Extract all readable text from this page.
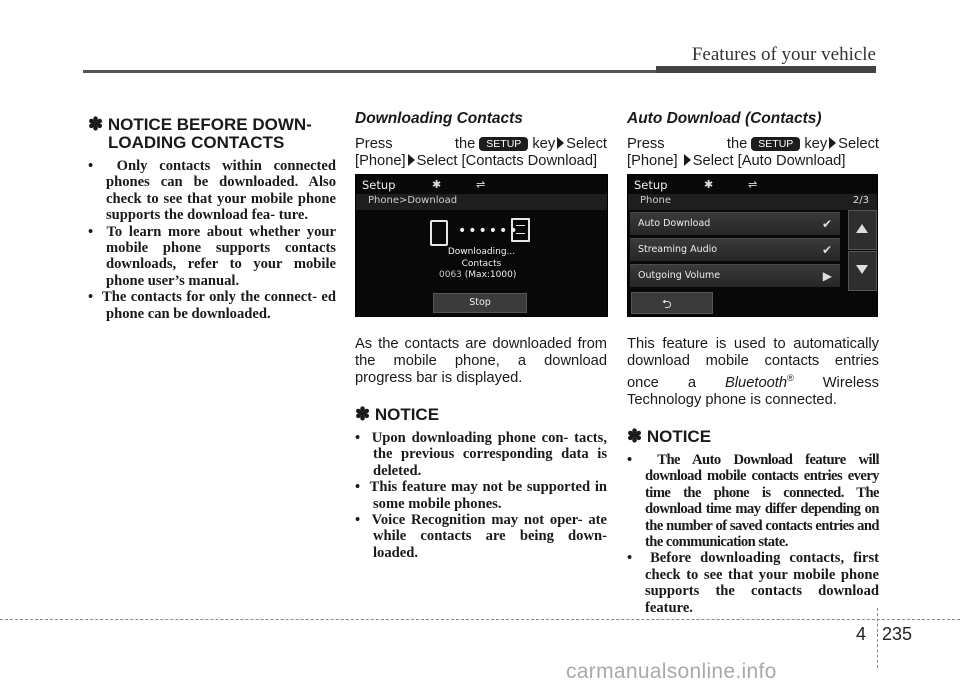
Features of your vehicle
4 235
carmanualsonline.info
✽ NOTICE BEFORE DOWN-
LOADING CONTACTS
•  Only contacts within connected phones can be downloaded. Also check to see that your mobile phone supports the download fea- ture.
•  To learn more about whether your mobile phone supports contacts downloads, refer to your mobile phone user’s manual.
•  The contacts for only the connect- ed phone can be downloaded.
Downloading Contacts

Press the SETUP key Select

[Phone] Select [Contacts Download]

Setup	✱	⇌
Phone>Download
••••••
Downloading...
Contacts
0063 (Max:1000)
Stop

As the contacts are downloaded from the mobile phone, a download progress bar is displayed.

✽ NOTICE
•  Upon downloading phone con- tacts, the previous corresponding data is deleted.
•  This feature may not be supported in some mobile phones.
•  Voice Recognition may not oper- ate while contacts are being down- loaded.
Auto Download (Contacts)

Press the SETUP key Select

[Phone] Select [Auto Download]

Setup	✱	⇌
Phone	2/3
Auto Download	✔
Streaming Audio	✔
Outgoing Volume	▶
⮌

This feature is used to automatically download mobile contacts entries once a Bluetooth® Wireless Technology phone is connected.

✽ NOTICE
•  The Auto Download feature will download mobile contacts entries every time the phone is connected. The download time may differ depending on the number of saved contacts entries and the communication state.
•  Before downloading contacts, first check to see that your mobile phone supports the contacts download feature.
